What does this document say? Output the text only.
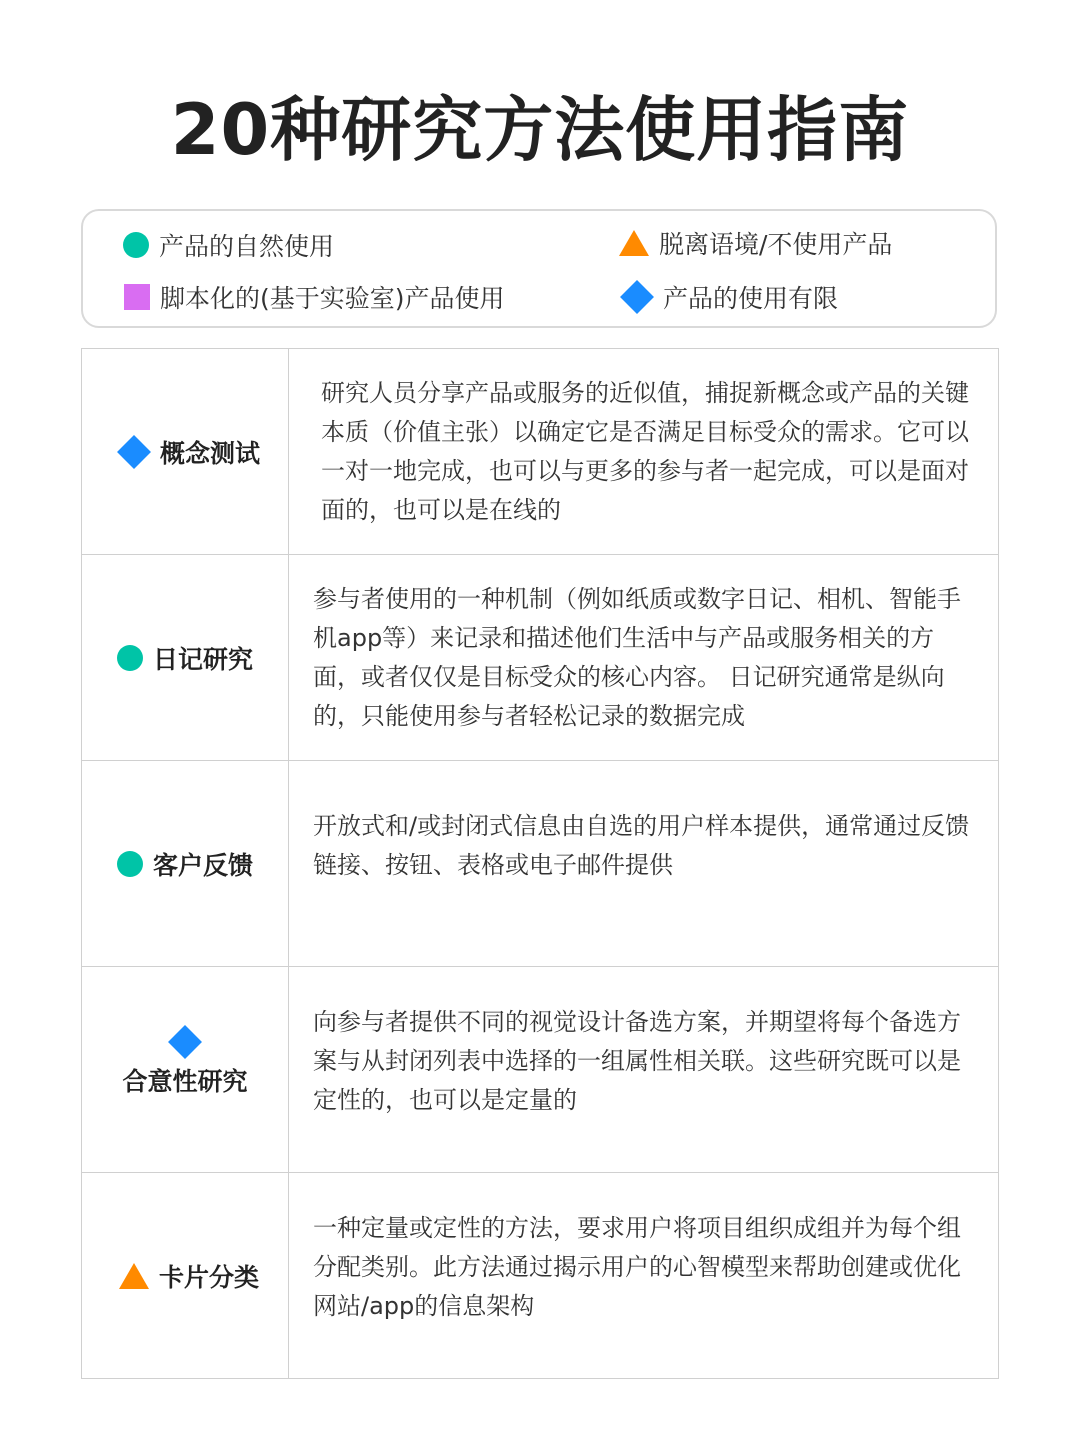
20种研究方法使用指南
产品的自然使用	脱离语境/不使用产品
脚本化的(基于实验室)产品使用	产品的使用有限
概念测试	研究人员分享产品或服务的近似值，捕捉新概念或产品的关键本质（价值主张）以确定它是否满足目标受众的需求。它可以一对一地完成，也可以与更多的参与者一起完成，可以是面对面的，也可以是在线的

日记研究	参与者使用的一种机制（例如纸质或数字日记、相机、智能手机app等）来记录和描述他们生活中与产品或服务相关的方面，或者仅仅是目标受众的核心内容。 日记研究通常是纵向的，只能使用参与者轻松记录的数据完成

客户反馈	开放式和/或封闭式信息由自选的用户样本提供，通常通过反馈链接、按钮、表格或电子邮件提供

合意性研究	向参与者提供不同的视觉设计备选方案，并期望将每个备选方案与从封闭列表中选择的一组属性相关联。这些研究既可以是定性的，也可以是定量的

卡片分类	一种定量或定性的方法，要求用户将项目组织成组并为每个组分配类别。此方法通过揭示用户的心智模型来帮助创建或优化网站/app的信息架构
